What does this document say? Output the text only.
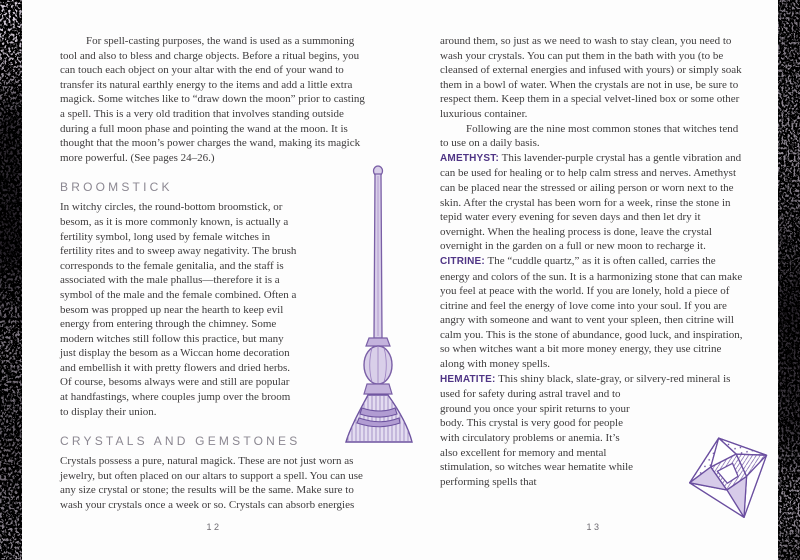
For spell-casting purposes, the wand is used as a summoning tool and also to bless and charge objects. Before a ritual begins, you can touch each object on your altar with the end of your wand to transfer its natural earthly energy to the items and add a little extra magick. Some witches like to “draw down the moon” prior to casting a spell. This is a very old tradition that involves standing outside during a full moon phase and pointing the wand at the moon. It is thought that the moon’s power charges the wand, making its magick more powerful. (See pages 24–26.)

BROOMSTICK

In witchy circles, the round-bottom broomstick, or besom, as it is more commonly known, is actually a fertility symbol, long used by female witches in fertility rites and to sweep away negativity. The brush corresponds to the female genitalia, and the staff is associated with the male phallus—therefore it is a symbol of the male and the female combined. Often a besom was propped up near the hearth to keep evil energy from entering through the chimney. Some modern witches still follow this practice, but many just display the besom as a Wiccan home decoration and embellish it with pretty flowers and dried herbs. Of course, besoms always were and still are popular at handfastings, where couples jump over the broom to display their union.

CRYSTALS AND GEMSTONES

Crystals possess a pure, natural magick. These are not just worn as jewelry, but often placed on our altars to support a spell. You can use any size crystal or stone; the results will be the same. Make sure to wash your crystals once a week or so. Crystals can absorb energies

around them, so just as we need to wash to stay clean, you need to wash your crystals. You can put them in the bath with you (to be cleansed of external energies and infused with yours) or simply soak them in a bowl of water. When the crystals are not in use, be sure to respect them. Keep them in a special velvet-lined box or some other luxurious container.

Following are the nine most common stones that witches tend to use on a daily basis.

AMETHYST: This lavender-purple crystal has a gentle vibration and can be used for healing or to help calm stress and nerves. Amethyst can be placed near the stressed or ailing person or worn next to the skin. After the crystal has been worn for a week, rinse the stone in tepid water every evening for seven days and then let dry it overnight. When the healing process is done, leave the crystal overnight in the garden on a full or new moon to recharge it.

CITRINE: The “cuddle quartz,” as it is often called, carries the energy and colors of the sun. It is a harmonizing stone that can make you feel at peace with the world. If you are lonely, hold a piece of citrine and feel the energy of love come into your soul. If you are angry with someone and want to vent your spleen, then citrine will calm you. This is the stone of abundance, good luck, and inspiration, so when witches want a bit more money energy, they use citrine along with money spells.

HEMATITE: This shiny black, slate-gray, or silvery-red mineral is used for safety during astral travel and to ground you once your spirit returns to your body. This crystal is very good for people with circulatory problems or anemia. It’s also excellent for memory and mental stimulation, so witches wear hematite while performing spells that

12	13
